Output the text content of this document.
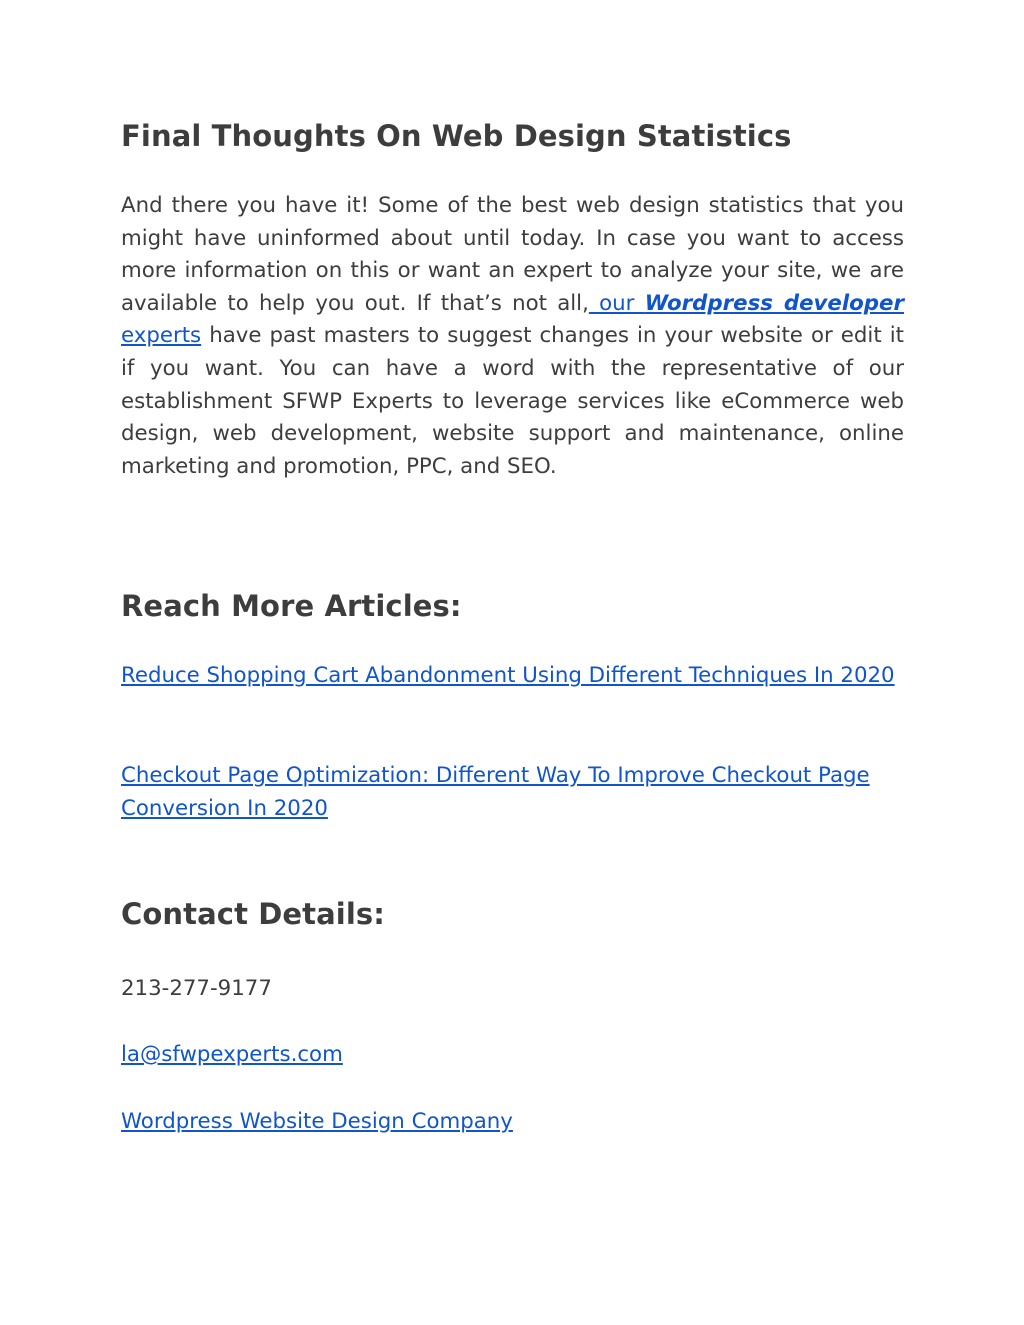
Final Thoughts On Web Design Statistics

And there you have it! Some of the best web design statistics that you might have uninformed about until today. In case you want to access more information on this or want an expert to analyze your site, we are available to help you out. If that’s not all, our Wordpress developer experts have past masters to suggest changes in your website or edit it if you want. You can have a word with the representative of our establishment SFWP Experts to leverage services like eCommerce web design, web development, website support and maintenance, online marketing and promotion, PPC, and SEO.

Reach More Articles:

Reduce Shopping Cart Abandonment Using Different Techniques In 2020

Checkout Page Optimization: Different Way To Improve Checkout Page Conversion In 2020

Contact Details:

213-277-9177

la@sfwpexperts.com

Wordpress Website Design Company
